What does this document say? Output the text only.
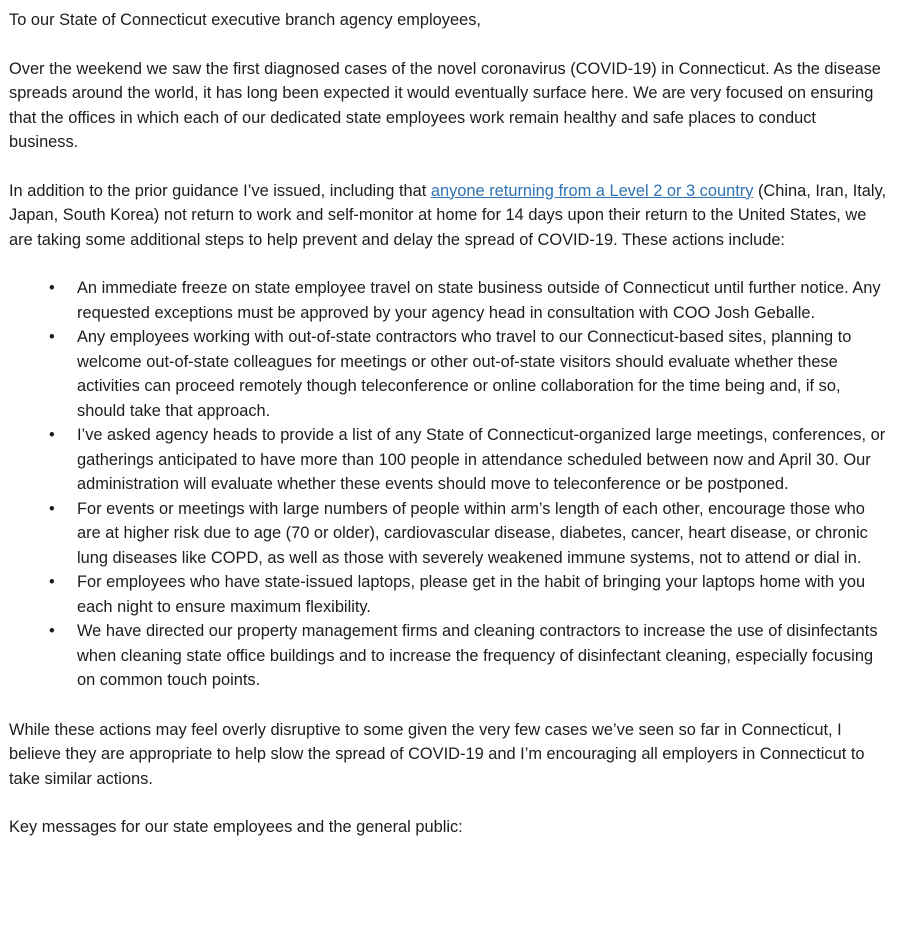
To our State of Connecticut executive branch agency employees,

Over the weekend we saw the first diagnosed cases of the novel coronavirus (COVID-19) in Connecticut. As the disease spreads around the world, it has long been expected it would eventually surface here. We are very focused on ensuring that the offices in which each of our dedicated state employees work remain healthy and safe places to conduct business.

In addition to the prior guidance I’ve issued, including that anyone returning from a Level 2 or 3 country (China, Iran, Italy, Japan, South Korea) not return to work and self-monitor at home for 14 days upon their return to the United States, we are taking some additional steps to help prevent and delay the spread of COVID-19. These actions include:

• An immediate freeze on state employee travel on state business outside of Connecticut until further notice. Any requested exceptions must be approved by your agency head in consultation with COO Josh Geballe.
• Any employees working with out-of-state contractors who travel to our Connecticut-based sites, planning to welcome out-of-state colleagues for meetings or other out-of-state visitors should evaluate whether these activities can proceed remotely though teleconference or online collaboration for the time being and, if so, should take that approach.
• I’ve asked agency heads to provide a list of any State of Connecticut-organized large meetings, conferences, or gatherings anticipated to have more than 100 people in attendance scheduled between now and April 30. Our administration will evaluate whether these events should move to teleconference or be postponed.
• For events or meetings with large numbers of people within arm’s length of each other, encourage those who are at higher risk due to age (70 or older), cardiovascular disease, diabetes, cancer, heart disease, or chronic lung diseases like COPD, as well as those with severely weakened immune systems, not to attend or dial in.
• For employees who have state-issued laptops, please get in the habit of bringing your laptops home with you each night to ensure maximum flexibility.
• We have directed our property management firms and cleaning contractors to increase the use of disinfectants when cleaning state office buildings and to increase the frequency of disinfectant cleaning, especially focusing on common touch points.

While these actions may feel overly disruptive to some given the very few cases we’ve seen so far in Connecticut, I believe they are appropriate to help slow the spread of COVID-19 and I’m encouraging all employers in Connecticut to take similar actions.

Key messages for our state employees and the general public:
